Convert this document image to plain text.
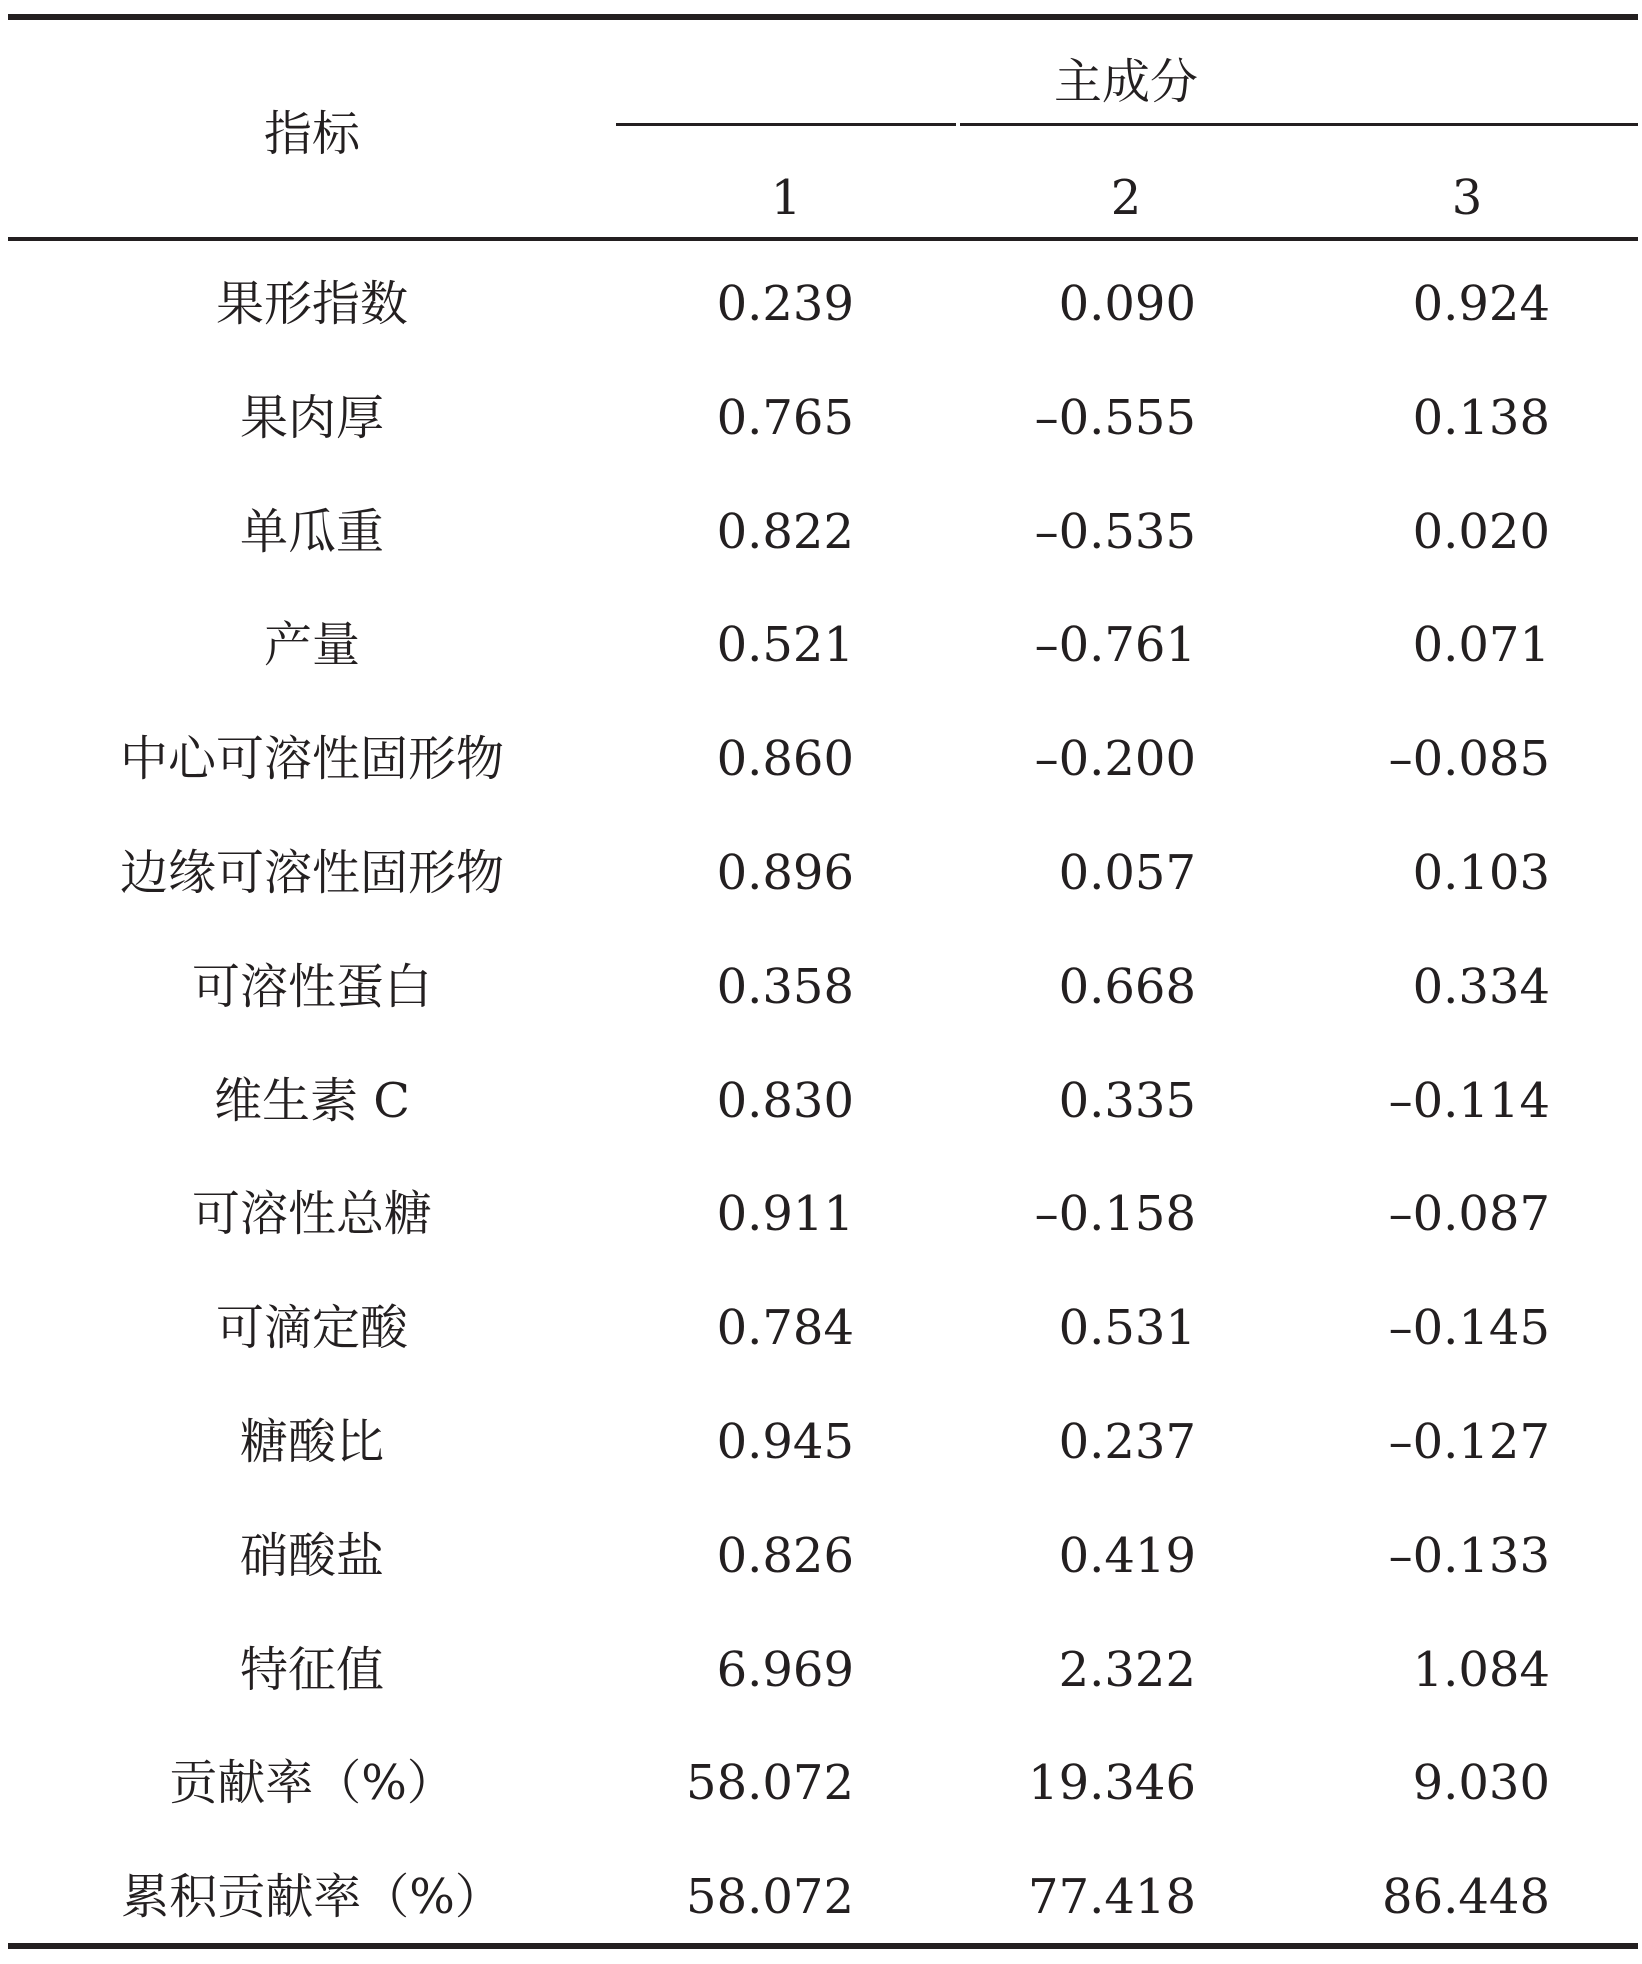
指标
主成分
1	2	3
果形指数	0.239	0.090	0.924
果肉厚	0.765	–0.555	0.138
单瓜重	0.822	–0.535	0.020
产量	0.521	–0.761	0.071
中心可溶性固形物	0.860	–0.200	–0.085
边缘可溶性固形物	0.896	0.057	0.103
可溶性蛋白	0.358	0.668	0.334
维生素 C	0.830	0.335	–0.114
可溶性总糖	0.911	–0.158	–0.087
可滴定酸	0.784	0.531	–0.145
糖酸比	0.945	0.237	–0.127
硝酸盐	0.826	0.419	–0.133
特征值	6.969	2.322	1.084
贡献率（%）	58.072	19.346	9.030
累积贡献率（%）	58.072	77.418	86.448
